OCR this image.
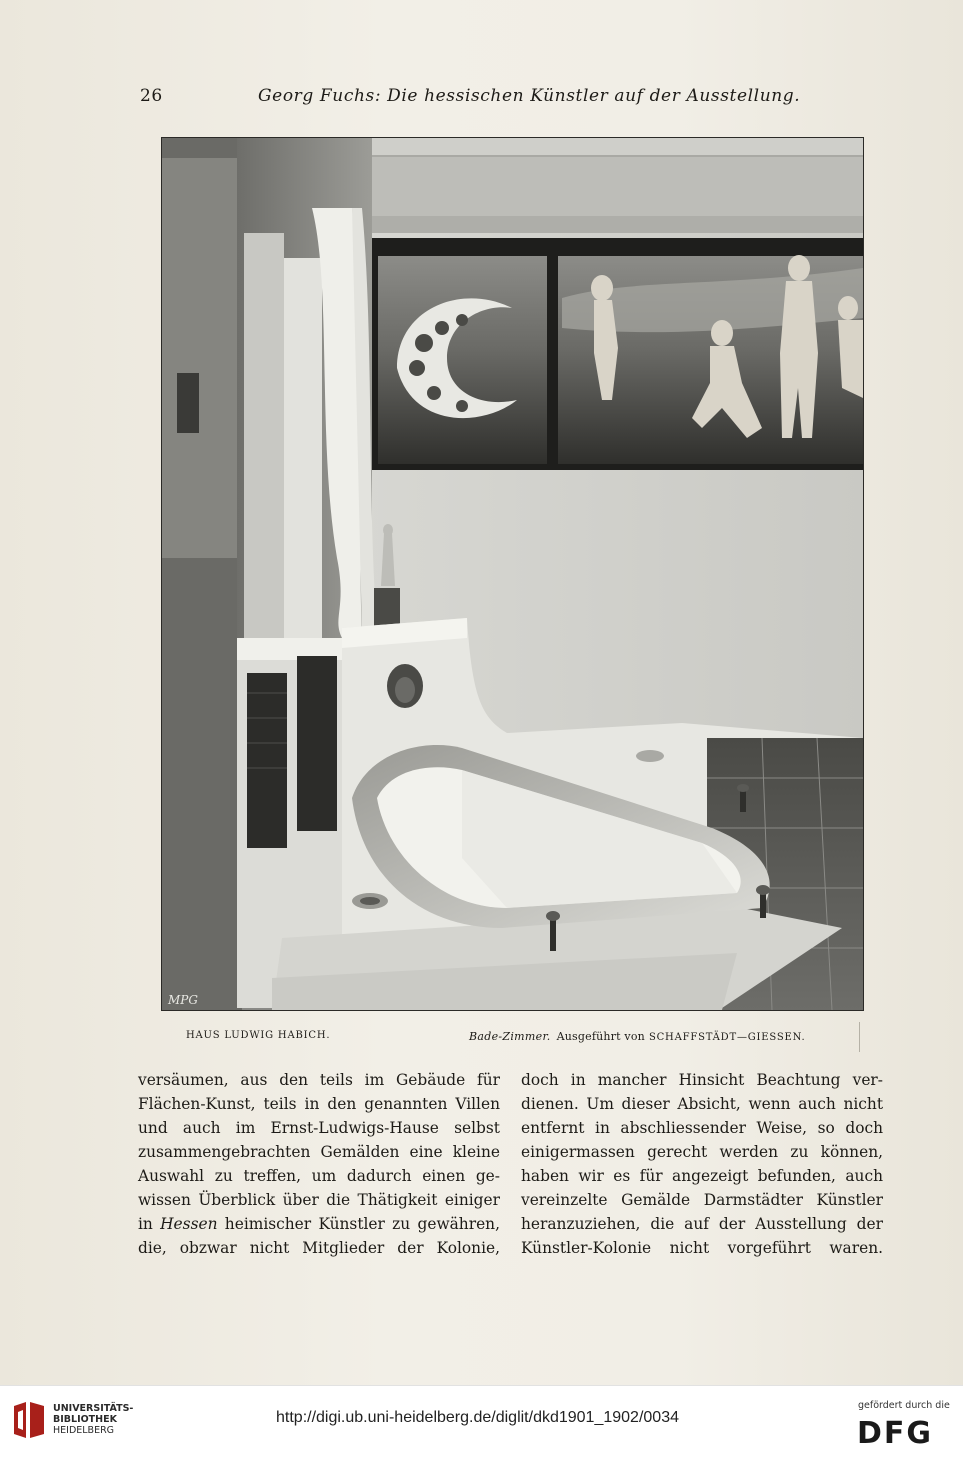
26	Georg Fuchs: Die hessischen Künstler auf der Ausstellung.
MPG
HAUS LUDWIG HABICH.	Bade-Zimmer. Ausgeführt von SCHAFFSTÄDT—GIESSEN.
versäumen, aus den teils im Gebäude für
Flächen-Kunst, teils in den genannten Villen
und auch im Ernst-Ludwigs-Hause selbst
zusammengebrachten Gemälden eine kleine
Auswahl zu treffen, um dadurch einen ge-
wissen Überblick über die Thätigkeit einiger
in Hessen heimischer Künstler zu gewähren,
die, obzwar nicht Mitglieder der Kolonie,
doch in mancher Hinsicht Beachtung ver-
dienen. Um dieser Absicht, wenn auch nicht
entfernt in abschliessender Weise, so doch
einigermassen gerecht werden zu können,
haben wir es für angezeigt befunden, auch
vereinzelte Gemälde Darmstädter Künstler
heranzuziehen, die auf der Ausstellung der
Künstler-Kolonie nicht vorgeführt waren.
UNIVERSITÄTS-
BIBLIOTHEK
HEIDELBERG
http://digi.ub.uni-heidelberg.de/diglit/dkd1901_1902/0034
gefördert durch die
DFG
